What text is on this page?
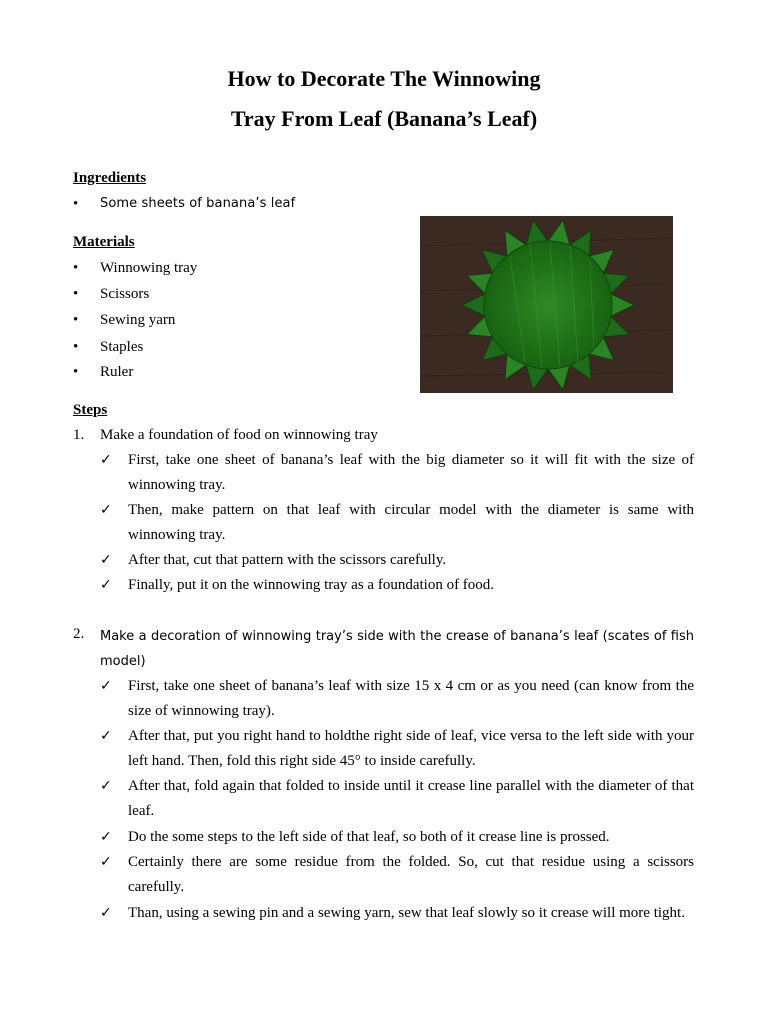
How to Decorate The Winnowing
Tray From Leaf (Banana’s Leaf)
Ingredients
• Some sheets of banana’s leaf
Materials
• Winnowing tray
• Scissors
• Sewing yarn
• Staples
• Ruler
Steps
1. Make a foundation of food on winnowing tray
✓ First, take one sheet of banana’s leaf with the big diameter so it will fit with the size of winnowing tray.
✓ Then, make pattern on that leaf with circular model with the diameter is same with winnowing tray.
✓ After that, cut that pattern with the scissors carefully.
✓ Finally, put it on the winnowing tray as a foundation of food.
2. Make a decoration of winnowing tray’s side with the crease of banana’s leaf (scates of fish model)
✓ First, take one sheet of banana’s leaf with size 15 x 4 cm or as you need (can know from the size of winnowing tray).
✓ After that, put you right hand to holdthe right side of leaf, vice versa to the left side with your left hand. Then, fold this right side 45° to inside carefully.
✓ After that, fold again that folded to inside until it crease line parallel with the diameter of that leaf.
✓ Do the some steps to the left side of that leaf, so both of it crease line is prossed.
✓ Certainly there are some residue from the folded. So, cut that residue using a scissors carefully.
✓ Than, using a sewing pin and a sewing yarn, sew that leaf slowly so it crease will more tight.
